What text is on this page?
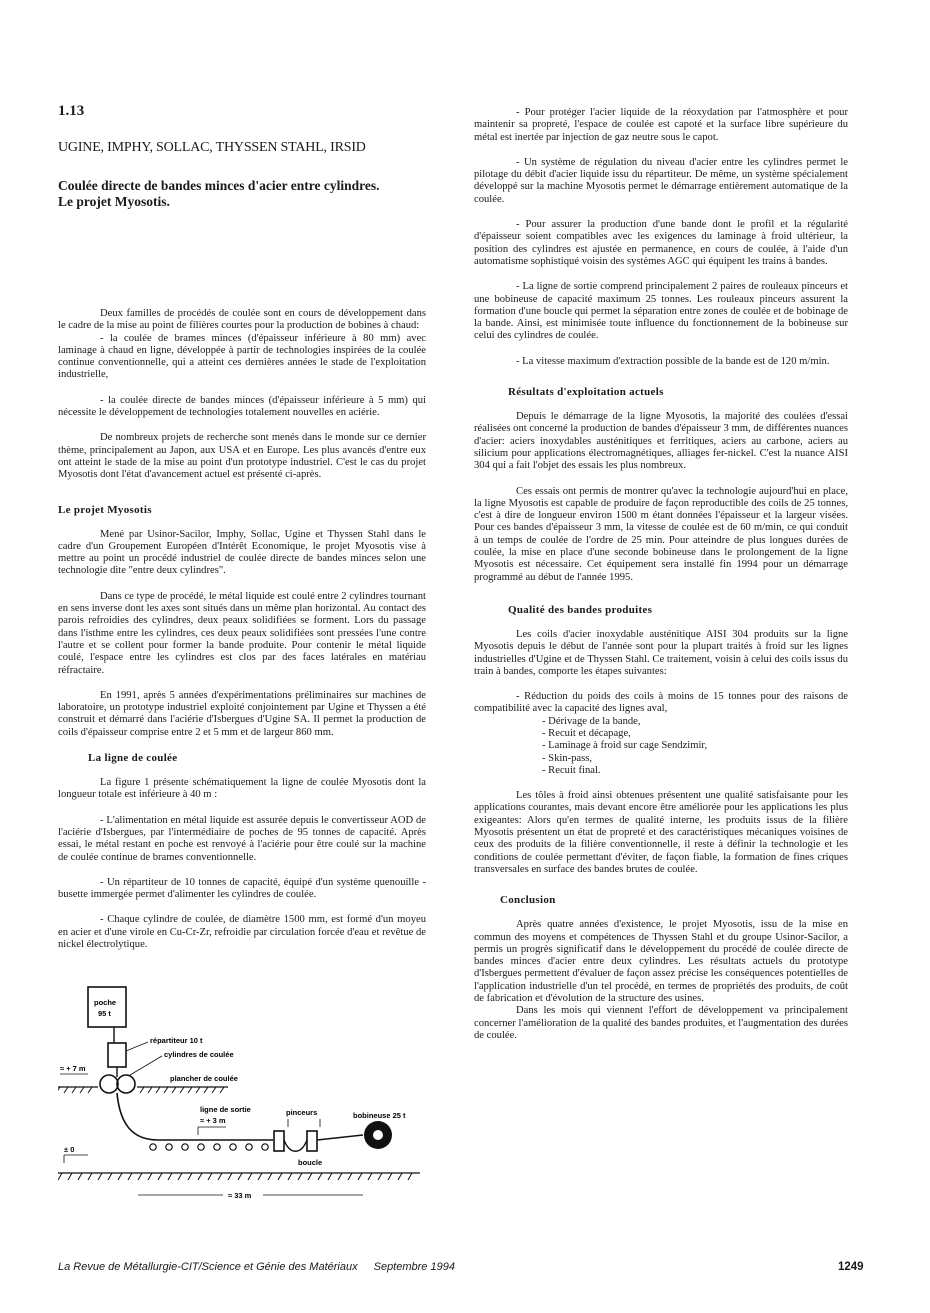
1.13
UGINE, IMPHY, SOLLAC, THYSSEN STAHL, IRSID
Coulée directe de bandes minces d'acier entre cylindres.
Le projet Myosotis.

Deux familles de procédés de coulée sont en cours de développement dans le cadre de la mise au point de filières courtes pour la production de bobines à chaud:

- la coulée de brames minces (d'épaisseur inférieure à 80 mm) avec laminage à chaud en ligne, développée à partir de technologies inspirées de la coulée continue conventionnelle, qui a atteint ces dernières années le stade de l'exploitation industrielle,

- la coulée directe de bandes minces (d'épaisseur inférieure à 5 mm) qui nécessite le développement de technologies totalement nouvelles en aciérie.

De nombreux projets de recherche sont menés dans le monde sur ce dernier thème, principalement au Japon, aux USA et en Europe. Les plus avancés d'entre eux ont atteint le stade de la mise au point d'un prototype industriel. C'est le cas du projet Myosotis dont l'état d'avancement actuel est présenté ci-après.

Le projet Myosotis

Mené par Usinor-Sacilor, Imphy, Sollac, Ugine et Thyssen Stahl dans le cadre d'un Groupement Européen d'Intérêt Economique, le projet Myosotis vise à mettre au point un procédé industriel de coulée directe de bandes minces selon une technologie dite "entre deux cylindres".

Dans ce type de procédé, le métal liquide est coulé entre 2 cylindres tournant en sens inverse dont les axes sont situés dans un même plan horizontal. Au contact des parois refroidies des cylindres, deux peaux solidifiées se forment. Lors du passage dans l'isthme entre les cylindres, ces deux peaux solidifiées sont pressées l'une contre l'autre et se collent pour former la bande produite. Pour contenir le métal liquide coulé, l'espace entre les cylindres est clos par des faces latérales en matériau réfractaire.

En 1991, après 5 années d'expérimentations préliminaires sur machines de laboratoire, un prototype industriel exploité conjointement par Ugine et Thyssen a été construit et démarré dans l'aciérie d'Isbergues d'Ugine SA. Il permet la production de coils d'épaisseur comprise entre 2 et 5 mm et de largeur 860 mm.

La ligne de coulée

La figure 1 présente schématiquement la ligne de coulée Myosotis dont la longueur totale est inférieure à 40 m :

- L'alimentation en métal liquide est assurée depuis le convertisseur AOD de l'aciérie d'Isbergues, par l'intermédiaire de poches de 95 tonnes de capacité. Après essai, le métal restant en poche est renvoyé à l'aciérie pour être coulé sur la machine de coulée continue de brames conventionnelle.

- Un répartiteur de 10 tonnes de capacité, équipé d'un système quenouille - busette immergée permet d'alimenter les cylindres de coulée.

- Chaque cylindre de coulée, de diamètre 1500 mm, est formé d'un moyeu en acier et d'une virole en Cu-Cr-Zr, refroidie par circulation forcée d'eau et revêtue de nickel électrolytique.

poche
95 t
répartiteur 10 t
cylindres de coulée
plancher de coulée
≈ + 7 m
ligne de sortie
≈ + 3 m
pinceurs
boucle
bobineuse 25 t
± 0
≈ 33 m

- Pour protéger l'acier liquide de la réoxydation par l'atmosphère et pour maintenir sa propreté, l'espace de coulée est capoté et la surface libre supérieure du métal est inertée par injection de gaz neutre sous le capot.

- Un système de régulation du niveau d'acier entre les cylindres permet le pilotage du débit d'acier liquide issu du répartiteur. De même, un système spécialement développé sur la machine Myosotis permet le démarrage entièrement automatique de la coulée.

- Pour assurer la production d'une bande dont le profil et la régularité d'épaisseur soient compatibles avec les exigences du laminage à froid ultérieur, la position des cylindres est ajustée en permanence, en cours de coulée, à l'aide d'un automatisme sophistiqué voisin des systèmes AGC qui équipent les trains à bandes.

- La ligne de sortie comprend principalement 2 paires de rouleaux pinceurs et une bobineuse de capacité maximum 25 tonnes. Les rouleaux pinceurs assurent la formation d'une boucle qui permet la séparation entre zones de coulée et de bobinage de la bande. Ainsi, est minimisée toute influence du fonctionnement de la bobineuse sur celui des cylindres de coulée.

- La vitesse maximum d'extraction possible de la bande est de 120 m/min.

Résultats d'exploitation actuels

Depuis le démarrage de la ligne Myosotis, la majorité des coulées d'essai réalisées ont concerné la production de bandes d'épaisseur 3 mm, de différentes nuances d'acier: aciers inoxydables austénitiques et ferritiques, aciers au carbone, aciers au silicium pour applications électromagnétiques, alliages fer-nickel. C'est la nuance AISI 304 qui a fait l'objet des essais les plus nombreux.

Ces essais ont permis de montrer qu'avec la technologie aujourd'hui en place, la ligne Myosotis est capable de produire de façon reproductible des coils de 25 tonnes, c'est à dire de longueur environ 1500 m étant données l'épaisseur et la largeur visées. Pour ces bandes d'épaisseur 3 mm, la vitesse de coulée est de 60 m/min, ce qui conduit à un temps de coulée de l'ordre de 25 min. Pour atteindre de plus longues durées de coulée, la mise en place d'une seconde bobineuse dans le prolongement de la ligne Myosotis est nécessaire. Cet équipement sera installé fin 1994 pour un démarrage programmé au début de l'année 1995.

Qualité des bandes produites

Les coils d'acier inoxydable austénitique AISI 304 produits sur la ligne Myosotis depuis le début de l'année sont pour la plupart traités à froid sur les lignes industrielles d'Ugine et de Thyssen Stahl. Ce traitement, voisin à celui des coils issus du train à bandes, comporte les étapes suivantes:

- Réduction du poids des coils à moins de 15 tonnes pour des raisons de compatibilité avec la capacité des lignes aval,

- Dérivage de la bande,
- Recuit et décapage,
- Laminage à froid sur cage Sendzimir,
- Skin-pass,
- Recuit final.

Les tôles à froid ainsi obtenues présentent une qualité satisfaisante pour les applications courantes, mais devant encore être améliorée pour les applications les plus exigeantes: Alors qu'en termes de qualité interne, les produits issus de la filière Myosotis présentent un état de propreté et des caractéristiques mécaniques voisines de ceux des produits de la filière conventionnelle, il reste à définir la technologie et les conditions de coulée permettant d'éviter, de façon fiable, la formation de fines criques transversales en surface des bandes brutes de coulée.

Conclusion

Après quatre années d'existence, le projet Myosotis, issu de la mise en commun des moyens et compétences de Thyssen Stahl et du groupe Usinor-Sacilor, a permis un progrès significatif dans le développement du procédé de coulée directe de bandes minces d'acier entre deux cylindres. Les résultats actuels du prototype d'Isbergues permettent d'évaluer de façon assez précise les conséquences potentielles de l'application industrielle d'un tel procédé, en termes de propriétés des produits, de coût de fabrication et d'évolution de la structure des usines.

Dans les mois qui viennent l'effort de développement va principalement concerner l'amélioration de la qualité des bandes produites, et l'augmentation des durées de coulée.

La Revue de Métallurgie-CIT/Science et Génie des Matériaux Septembre 1994	1249
